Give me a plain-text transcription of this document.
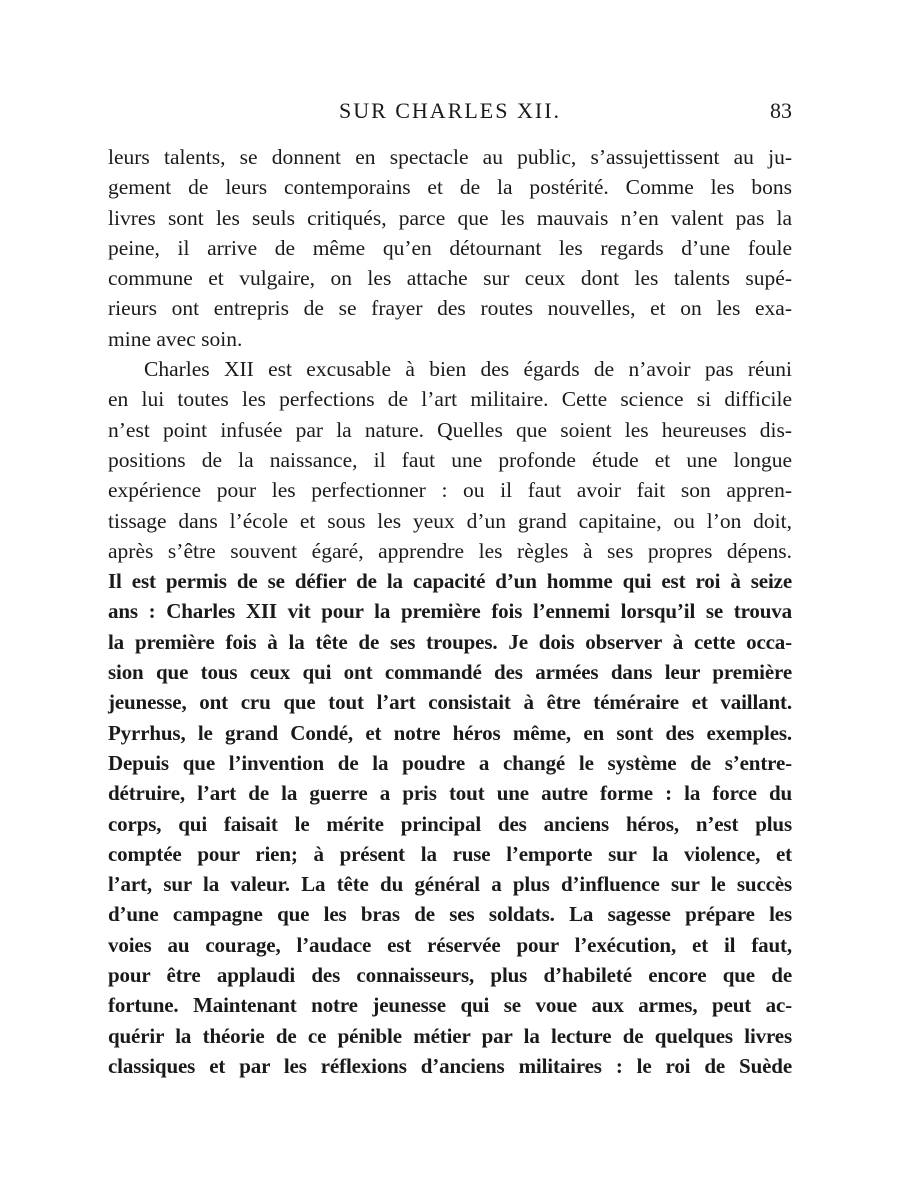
SUR CHARLES XII.	83
leurs talents, se donnent en spectacle au public, s’assujettissent au ju-
gement de leurs contemporains et de la postérité. Comme les bons
livres sont les seuls critiqués, parce que les mauvais n’en valent pas la
peine, il arrive de même qu’en détournant les regards d’une foule
commune et vulgaire, on les attache sur ceux dont les talents supé-
rieurs ont entrepris de se frayer des routes nouvelles, et on les exa-
mine avec soin.
Charles XII est excusable à bien des égards de n’avoir pas réuni
en lui toutes les perfections de l’art militaire. Cette science si difficile
n’est point infusée par la nature. Quelles que soient les heureuses dis-
positions de la naissance, il faut une profonde étude et une longue
expérience pour les perfectionner : ou il faut avoir fait son appren-
tissage dans l’école et sous les yeux d’un grand capitaine, ou l’on doit,
après s’être souvent égaré, apprendre les règles à ses propres dépens.
Il est permis de se défier de la capacité d’un homme qui est roi à seize
ans : Charles XII vit pour la première fois l’ennemi lorsqu’il se trouva
la première fois à la tête de ses troupes. Je dois observer à cette occa-
sion que tous ceux qui ont commandé des armées dans leur première
jeunesse, ont cru que tout l’art consistait à être téméraire et vaillant.
Pyrrhus, le grand Condé, et notre héros même, en sont des exemples.
Depuis que l’invention de la poudre a changé le système de s’entre-
détruire, l’art de la guerre a pris tout une autre forme : la force du
corps, qui faisait le mérite principal des anciens héros, n’est plus
comptée pour rien; à présent la ruse l’emporte sur la violence, et
l’art, sur la valeur. La tête du général a plus d’influence sur le succès
d’une campagne que les bras de ses soldats. La sagesse prépare les
voies au courage, l’audace est réservée pour l’exécution, et il faut,
pour être applaudi des connaisseurs, plus d’habileté encore que de
fortune. Maintenant notre jeunesse qui se voue aux armes, peut ac-
quérir la théorie de ce pénible métier par la lecture de quelques livres
classiques et par les réflexions d’anciens militaires : le roi de Suède
